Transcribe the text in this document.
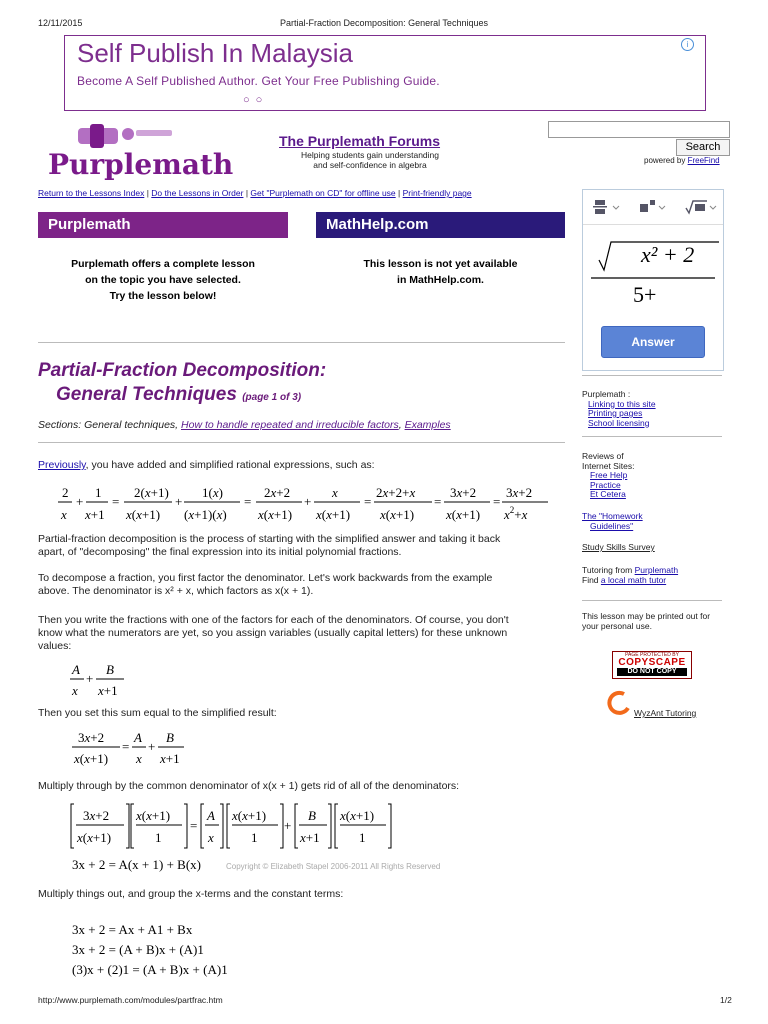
12/11/2015	Partial-Fraction Decomposition: General Techniques
Self Publish In Malaysia
Become A Self Published Author. Get Your Free Publishing Guide.
○○
i
Purplemath
The Purplemath Forums
Helping students gain understanding
and self-confidence in algebra
Search
powered by FreeFind
Return to the Lessons Index | Do the Lessons in Order | Get "Purplemath on CD" for offline use | Print-friendly page
Purplemath	MathHelp.com
Purplemath offers a complete lesson
on the topic you have selected.
Try the lesson below!
This lesson is not yet available
in MathHelp.com.
x² + 2
5+
Answer
Purplemath :
Linking to this site
Printing pages
School licensing
Reviews of
Internet Sites:
Free Help
Practice
Et Cetera
The "Homework
Guidelines"
Study Skills Survey
Tutoring from Purplemath
Find a local math tutor
This lesson may be printed out for
your personal use.
PAGE PROTECTED BY
COPYSCAPE
DO NOT COPY
WyzAnt Tutoring
Partial-Fraction Decomposition:
General Techniques (page 1 of 3)
Sections: General techniques, How to handle repeated and irreducible factors, Examples
Previously, you have added and simplified rational expressions, such as:
2
x
+
1
x+1
=
2(x+1)
x(x+1)
+
1(x)
(x+1)(x)
=
2x+2
x(x+1)
+
x
x(x+1)
=
2x+2+x
x(x+1)
=
3x+2
x(x+1)
=
3x+2
$x^2+x$
Partial-fraction decomposition is the process of starting with the simplified answer and taking it back
apart, of "decomposing" the final expression into its initial polynomial fractions.
To decompose a fraction, you first factor the denominator. Let's work backwards from the example
above. The denominator is x² + x, which factors as x(x + 1).
Then you write the fractions with one of the factors for each of the denominators. Of course, you don't
know what the numerators are yet, so you assign variables (usually capital letters) for these unknown
values:
A
x
+
B
x+1
Then you set this sum equal to the simplified result:
3x+2
x(x+1)
=
A
x
+
B
x+1
Multiply through by the common denominator of x(x + 1) gets rid of all of the denominators:
3x+2
x(x+1)
x(x+1)
1
=
A
x
x(x+1)
1
+
B
x+1
x(x+1)
1
3x + 2 = A(x + 1) + B(x)	Copyright © Elizabeth Stapel 2006-2011 All Rights Reserved
Multiply things out, and group the x-terms and the constant terms:
3x + 2 = Ax + A1 + Bx
3x + 2 = (A + B)x + (A)1
(3)x + (2)1 = (A + B)x + (A)1
http://www.purplemath.com/modules/partfrac.htm	1/2
